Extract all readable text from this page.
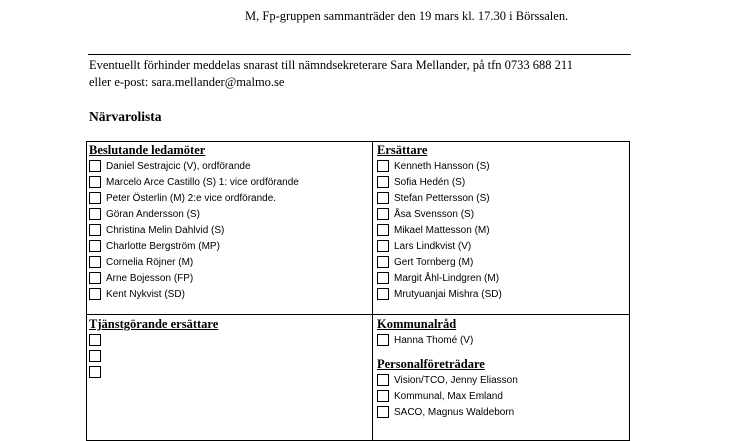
M, Fp-gruppen sammanträder den 19 mars kl. 17.30 i Börssalen.
Eventuellt förhinder meddelas snarast till nämndsekreterare Sara Mellander, på tfn 0733 688 211
eller e-post: sara.mellander@malmo.se
Närvarolista
Beslutande ledamöter
Daniel Sestrajcic (V), ordförande
Marcelo Arce Castillo (S) 1: vice ordförande
Peter Österlin (M) 2:e vice ordförande.
Göran Andersson (S)
Christina Melin Dahlvid (S)
Charlotte Bergström (MP)
Cornelia Röjner (M)
Arne Bojesson (FP)
Kent Nykvist (SD)
Ersättare
Kenneth Hansson (S)
Sofia Hedén (S)
Stefan Pettersson (S)
Åsa Svensson (S)
Mikael Mattesson (M)
Lars Lindkvist (V)
Gert Tornberg (M)
Margit Åhl-Lindgren (M)
Mrutyuanjai Mishra (SD)
Tjänstgörande ersättare	Kommunalråd
Hanna Thomé (V)
Personalföreträdare
Vision/TCO, Jenny Eliasson
Kommunal, Max Emland
SACO, Magnus Waldeborn
